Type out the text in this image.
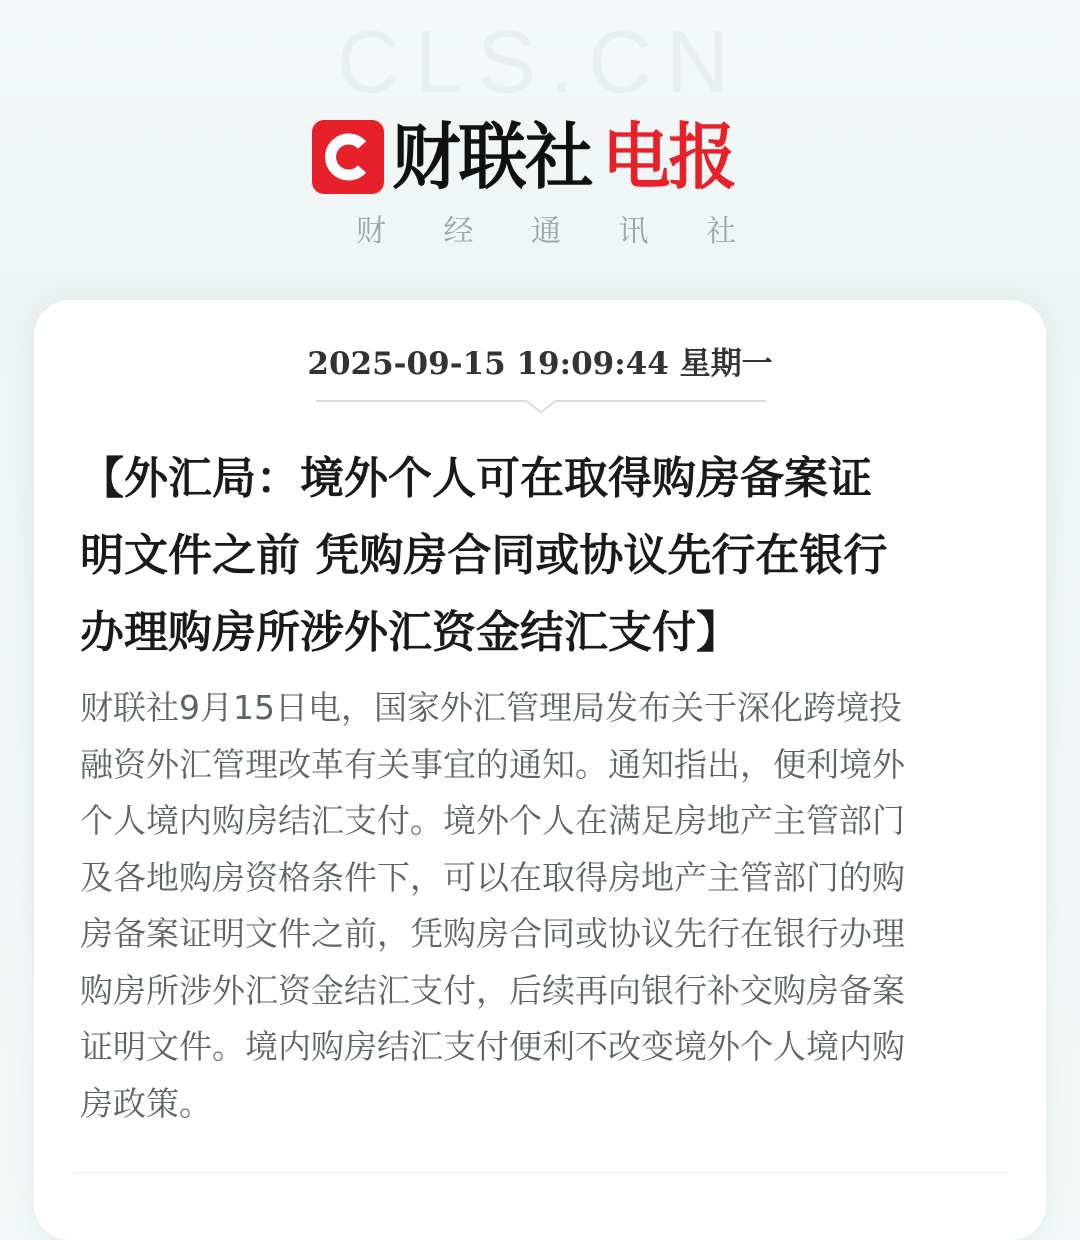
CLS.CN
财联社 电报
财 经 通 讯 社
2025-09-15 19:09:44 星期一
【外汇局：境外个人可在取得购房备案证
明文件之前 凭购房合同或协议先行在银行
办理购房所涉外汇资金结汇支付】

财联社9月15日电，国家外汇管理局发布关于深化跨境投
融资外汇管理改革有关事宜的通知。通知指出，便利境外
个人境内购房结汇支付。境外个人在满足房地产主管部门
及各地购房资格条件下，可以在取得房地产主管部门的购
房备案证明文件之前，凭购房合同或协议先行在银行办理
购房所涉外汇资金结汇支付，后续再向银行补交购房备案
证明文件。境内购房结汇支付便利不改变境外个人境内购
房政策。
